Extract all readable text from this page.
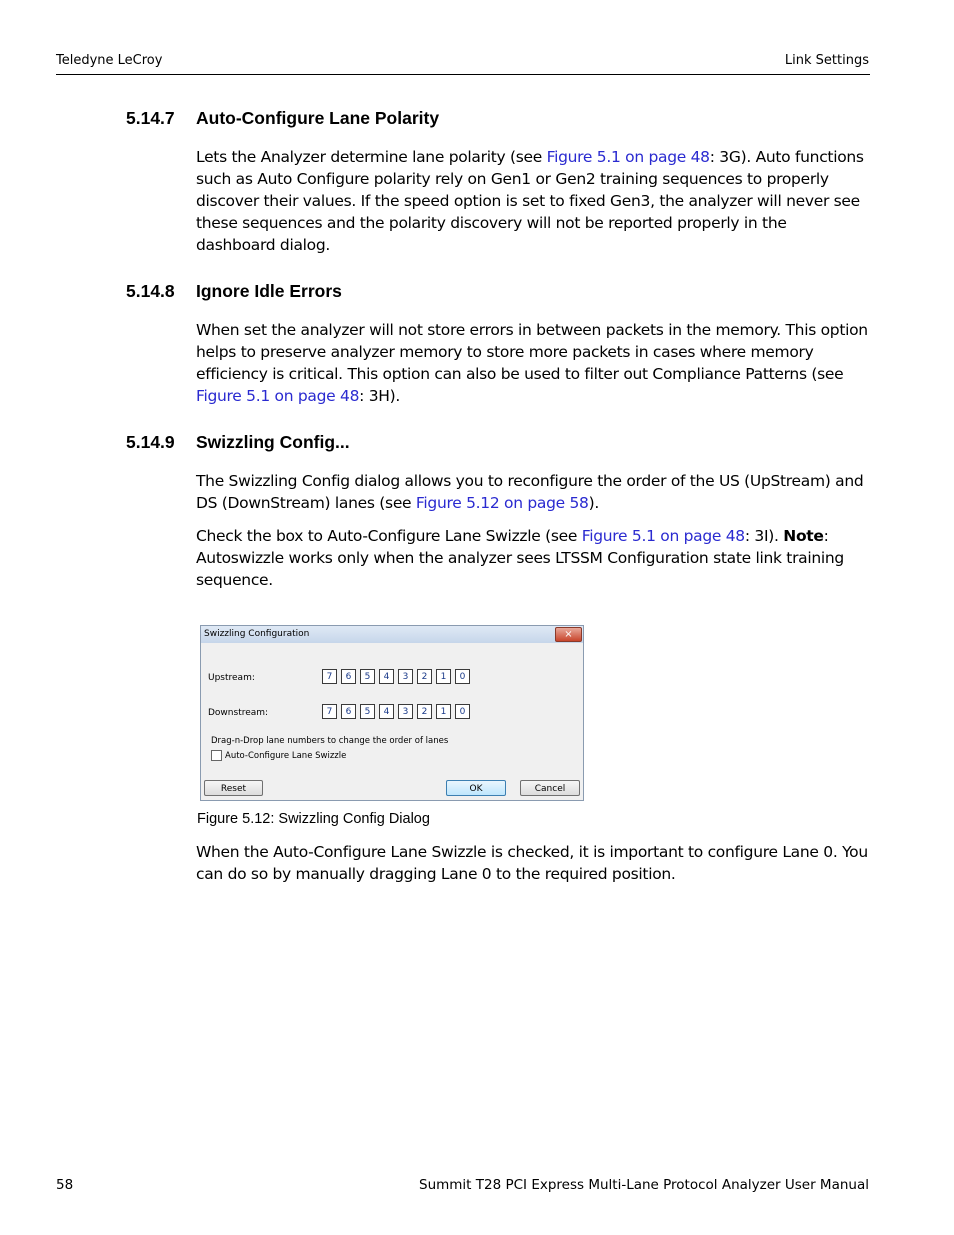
Teledyne LeCroy	Link Settings
5.14.7 Auto-Configure Lane Polarity
Lets the Analyzer determine lane polarity (see Figure 5.1 on page 48: 3G). Auto functions such as Auto Configure polarity rely on Gen1 or Gen2 training sequences to properly discover their values. If the speed option is set to fixed Gen3, the analyzer will never see these sequences and the polarity discovery will not be reported properly in the dashboard dialog.
5.14.8 Ignore Idle Errors
When set the analyzer will not store errors in between packets in the memory. This option helps to preserve analyzer memory to store more packets in cases where memory efficiency is critical. This option can also be used to filter out Compliance Patterns (see Figure 5.1 on page 48: 3H).
5.14.9 Swizzling Config...
The Swizzling Config dialog allows you to reconfigure the order of the US (UpStream) and DS (DownStream) lanes (see Figure 5.12 on page 58).
Check the box to Auto-Configure Lane Swizzle (see Figure 5.1 on page 48: 3I). Note: Autoswizzle works only when the analyzer sees LTSSM Configuration state link training sequence.
Swizzling Configuration	×
Upstream:	7	6	5	4	3	2	1	0
Downstream:	7	6	5	4	3	2	1	0
Drag-n-Drop lane numbers to change the order of lanes
Auto-Configure Lane Swizzle
Reset	OK	Cancel
Figure 5.12: Swizzling Config Dialog
When the Auto-Configure Lane Swizzle is checked, it is important to configure Lane 0. You can do so by manually dragging Lane 0 to the required position.
58	Summit T28 PCI Express Multi-Lane Protocol Analyzer User Manual
